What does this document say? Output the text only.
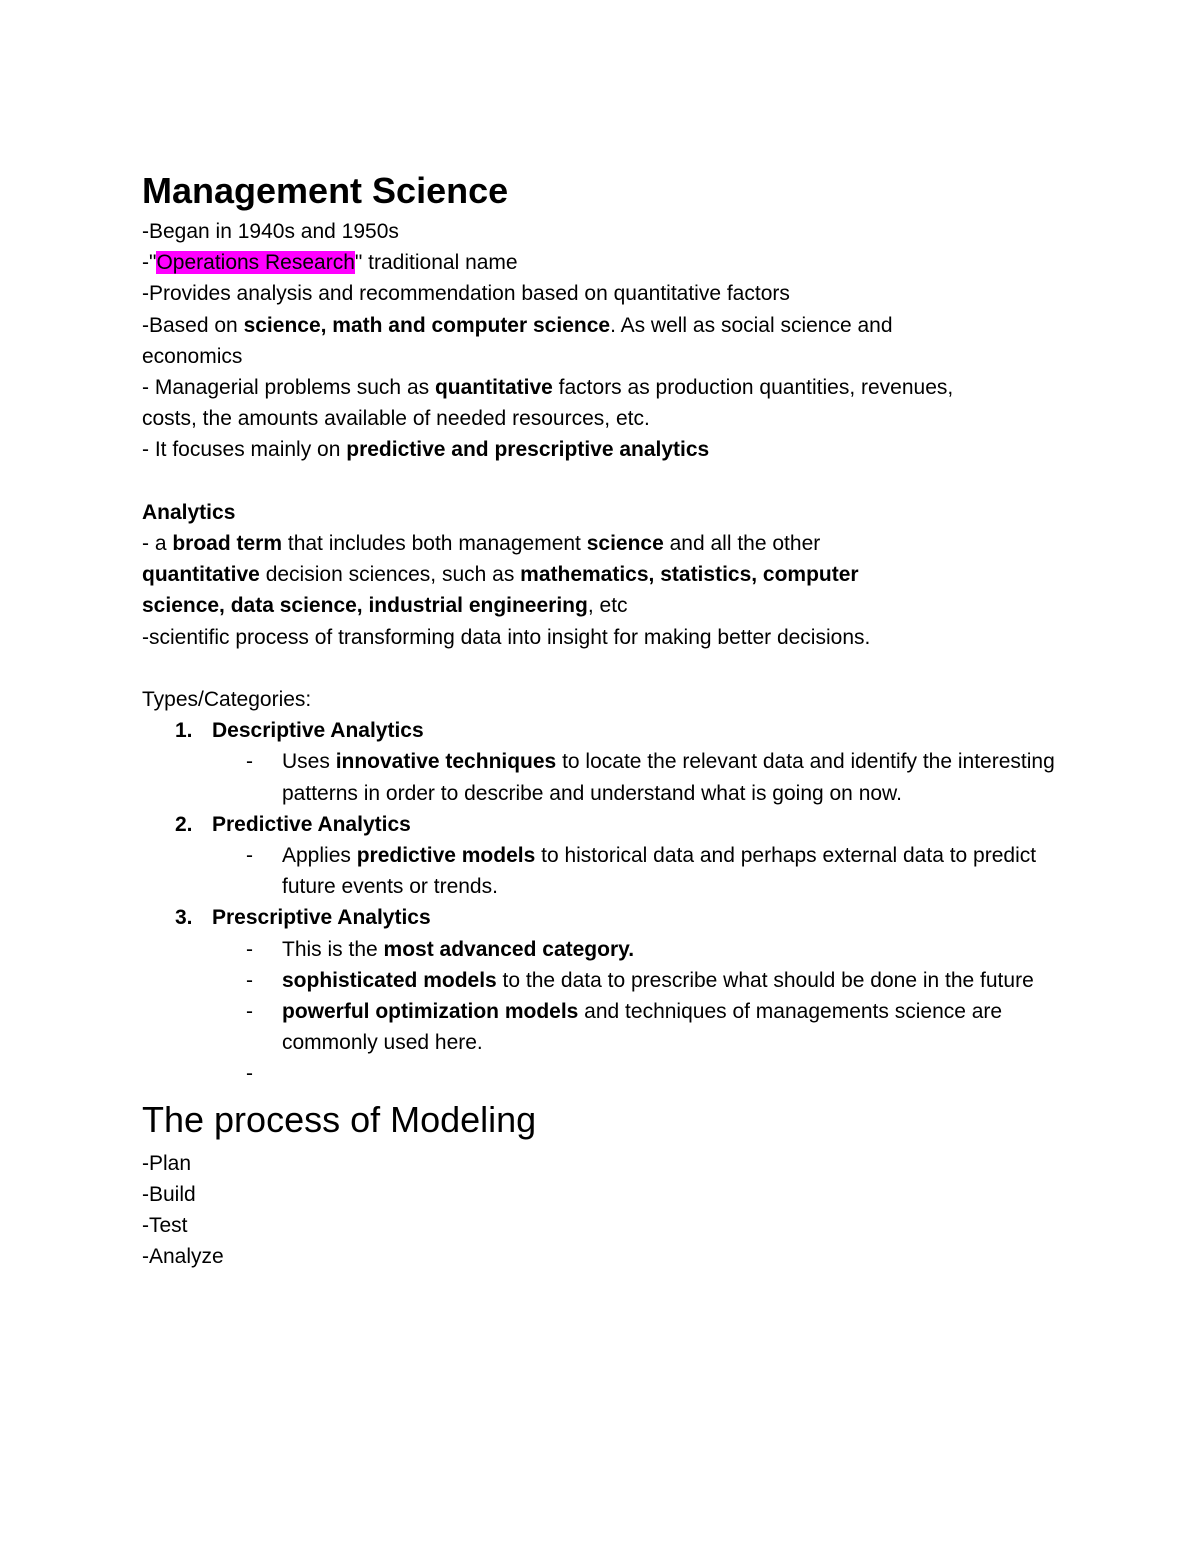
Management Science
-Began in 1940s and 1950s
-"Operations Research" traditional name
-Provides analysis and recommendation based on quantitative factors
-Based on science, math and computer science. As well as social science and
economics
- Managerial problems such as quantitative factors as production quantities, revenues,
costs, the amounts available of needed resources, etc.
- It focuses mainly on predictive and prescriptive analytics
Analytics
- a broad term that includes both management science and all the other
quantitative decision sciences, such as mathematics, statistics, computer
science, data science, industrial engineering, etc
-scientific process of transforming data into insight for making better decisions.
Types/Categories:
1. Descriptive Analytics
- Uses innovative techniques to locate the relevant data and identify the interesting patterns in order to describe and understand what is going on now.
2. Predictive Analytics
- Applies predictive models to historical data and perhaps external data to predict future events or trends.
3. Prescriptive Analytics
- This is the most advanced category.
- sophisticated models to the data to prescribe what should be done in the future
- powerful optimization models and techniques of managements science are commonly used here.
-

The process of Modeling
-Plan
-Build
-Test
-Analyze
